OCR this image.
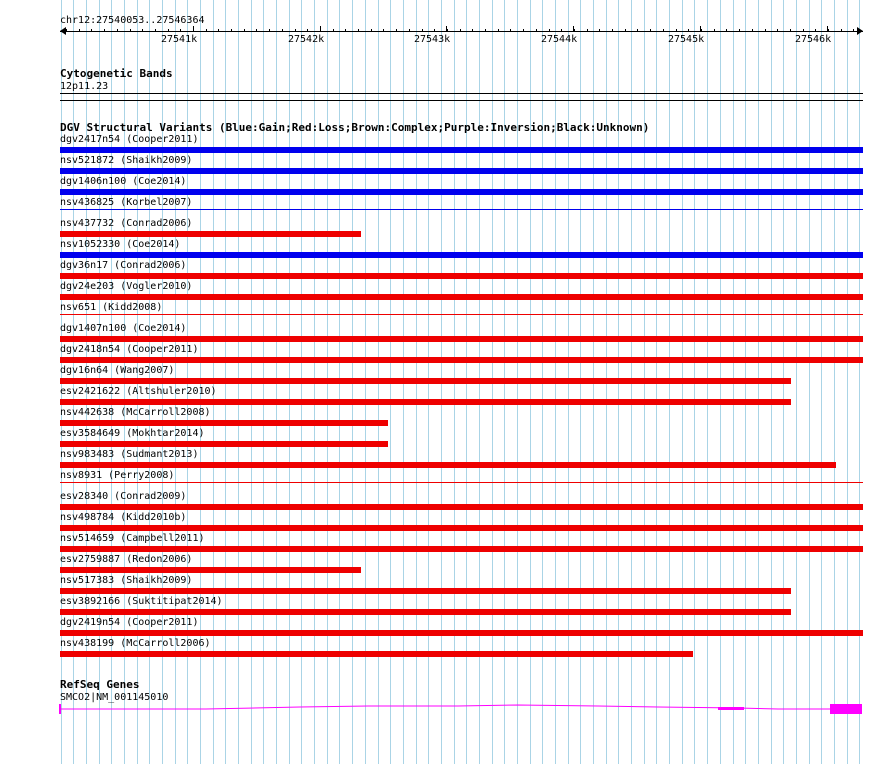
chr12:27540053..27546364
27541k	27542k	27543k	27544k	27545k	27546k
Cytogenetic Bands
12p11.23
DGV Structural Variants (Blue:Gain;Red:Loss;Brown:Complex;Purple:Inversion;Black:Unknown)
dgv2417n54 (Cooper2011)
nsv521872 (Shaikh2009)
dgv1406n100 (Coe2014)
nsv436825 (Korbel2007)
nsv437732 (Conrad2006)
nsv1052330 (Coe2014)
dgv36n17 (Conrad2006)
dgv24e203 (Vogler2010)
nsv651 (Kidd2008)
dgv1407n100 (Coe2014)
dgv2418n54 (Cooper2011)
dgv16n64 (Wang2007)
esv2421622 (Altshuler2010)
nsv442638 (McCarroll2008)
esv3584649 (Mokhtar2014)
nsv983483 (Sudmant2013)
nsv8931 (Perry2008)
esv28340 (Conrad2009)
nsv498784 (Kidd2010b)
nsv514659 (Campbell2011)
esv2759887 (Redon2006)
nsv517383 (Shaikh2009)
esv3892166 (Suktitipat2014)
dgv2419n54 (Cooper2011)
nsv438199 (McCarroll2006)
RefSeq Genes
SMCO2|NM_001145010
